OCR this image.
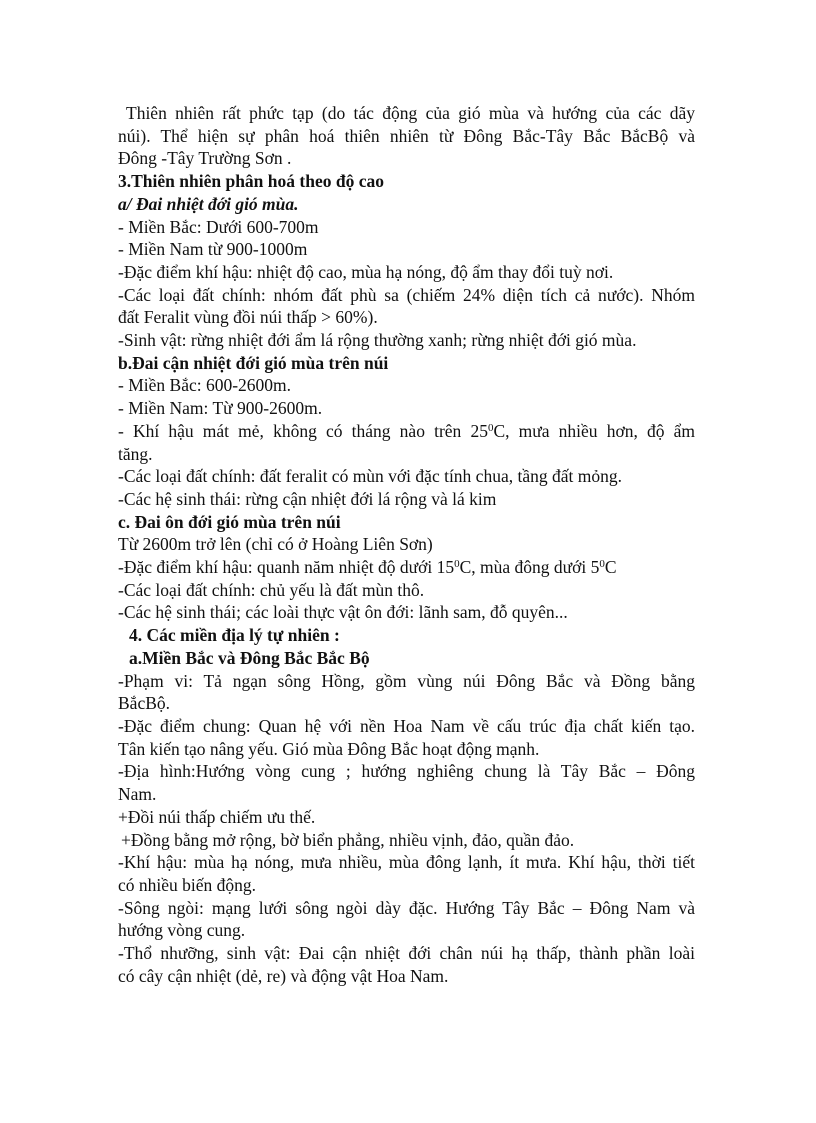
Thiên nhiên rất phức tạp (do tác động của gió mùa và hướng của các dãy
núi). Thể hiện sự phân hoá thiên nhiên từ Đông Bắc-Tây Bắc BắcBộ và
Đông -Tây Trường Sơn .
3.Thiên nhiên phân hoá theo độ cao
a/ Đai nhiệt đới gió mùa.
- Miền Bắc: Dưới 600-700m
- Miền Nam từ 900-1000m
-Đặc điểm khí hậu: nhiệt độ cao, mùa hạ nóng, độ ẩm thay đổi tuỳ nơi.
-Các loại đất chính: nhóm đất phù sa (chiếm 24% diện tích cả nước). Nhóm
đất Feralit vùng đồi núi thấp > 60%).
-Sinh vật: rừng nhiệt đới ẩm lá rộng thường xanh; rừng nhiệt đới gió mùa.
b.Đai cận nhiệt đới gió mùa trên núi
- Miền Bắc: 600-2600m.
- Miền Nam: Từ 900-2600m.
- Khí hậu mát mẻ, không có tháng nào trên $25^0C$, mưa nhiều hơn, độ ẩm
tăng.
-Các loại đất chính: đất feralit có mùn với đặc tính chua, tầng đất mỏng.
-Các hệ sinh thái: rừng cận nhiệt đới lá rộng và lá kim
c. Đai ôn đới gió mùa trên núi
Từ 2600m trở lên (chỉ có ở Hoàng Liên Sơn)
-Đặc điểm khí hậu: quanh năm nhiệt độ dưới $15^0C$, mùa đông dưới $5^0C$
-Các loại đất chính: chủ yếu là đất mùn thô.
-Các hệ sinh thái; các loài thực vật ôn đới: lãnh sam, đỗ quyên...
4. Các miền địa lý tự nhiên :
a.Miền Bắc và Đông Bắc Bắc Bộ
-Phạm vi: Tả ngạn sông Hồng, gồm vùng núi Đông Bắc và Đồng bằng
BắcBộ.
-Đặc điểm chung: Quan hệ với nền Hoa Nam về cấu trúc địa chất kiến tạo.
Tân kiến tạo nâng yếu. Gió mùa Đông Bắc hoạt động mạnh.
-Địa hình:Hướng vòng cung ; hướng nghiêng chung là Tây Bắc – Đông
Nam.
+Đồi núi thấp chiếm ưu thế.
+Đồng bằng mở rộng, bờ biển phẳng, nhiều vịnh, đảo, quần đảo.
-Khí hậu: mùa hạ nóng, mưa nhiều, mùa đông lạnh, ít mưa. Khí hậu, thời tiết
có nhiều biến động.
-Sông ngòi: mạng lưới sông ngòi dày đặc. Hướng Tây Bắc – Đông Nam và
hướng vòng cung.
-Thổ nhưỡng, sinh vật: Đai cận nhiệt đới chân núi hạ thấp, thành phần loài
có cây cận nhiệt (dẻ, re) và động vật Hoa Nam.
